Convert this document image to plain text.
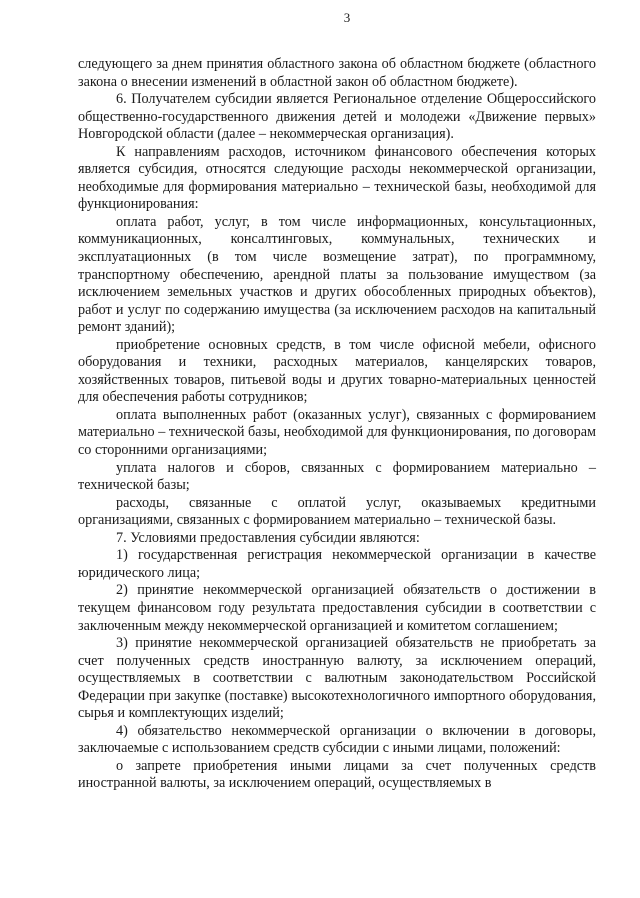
3

следующего за днем принятия областного закона об областном бюджете (областного закона о внесении изменений в областной закон об областном бюджете).

6. Получателем субсидии является Региональное отделение Общероссийского общественно-государственного движения детей и молодежи «Движение первых» Новгородской области (далее – некоммерческая организация).

К направлениям расходов, источником финансового обеспечения которых является субсидия, относятся следующие расходы некоммерческой организации, необходимые для формирования материально – технической базы, необходимой для функционирования:

оплата работ, услуг, в том числе информационных, консультационных, коммуникационных, консалтинговых, коммунальных, технических и эксплуатационных (в том числе возмещение затрат), по программному, транспортному обеспечению, арендной платы за пользование имуществом (за исключением земельных участков и других обособленных природных объектов), работ и услуг по содержанию имущества (за исключением расходов на капитальный ремонт зданий);

приобретение основных средств, в том числе офисной мебели, офисного оборудования и техники, расходных материалов, канцелярских товаров, хозяйственных товаров, питьевой воды и других товарно-материальных ценностей для обеспечения работы сотрудников;

оплата выполненных работ (оказанных услуг), связанных с формированием материально – технической базы, необходимой для функционирования, по договорам со сторонними организациями;

уплата налогов и сборов, связанных с формированием материально – технической базы;

расходы, связанные с оплатой услуг, оказываемых кредитными организациями, связанных с формированием материально – технической базы.

7. Условиями предоставления субсидии являются:

1) государственная регистрация некоммерческой организации в качестве юридического лица;

2) принятие некоммерческой организацией обязательств о достижении в текущем финансовом году результата предоставления субсидии в соответствии с заключенным между некоммерческой организацией и комитетом соглашением;

3) принятие некоммерческой организацией обязательств не приобретать за счет полученных средств иностранную валюту, за исключением операций, осуществляемых в соответствии с валютным законодательством Российской Федерации при закупке (поставке) высокотехнологичного импортного оборудования, сырья и комплектующих изделий;

4) обязательство некоммерческой организации о включении в договоры, заключаемые с использованием средств субсидии с иными лицами, положений:

о запрете приобретения иными лицами за счет полученных средств иностранной валюты, за исключением операций, осуществляемых в
